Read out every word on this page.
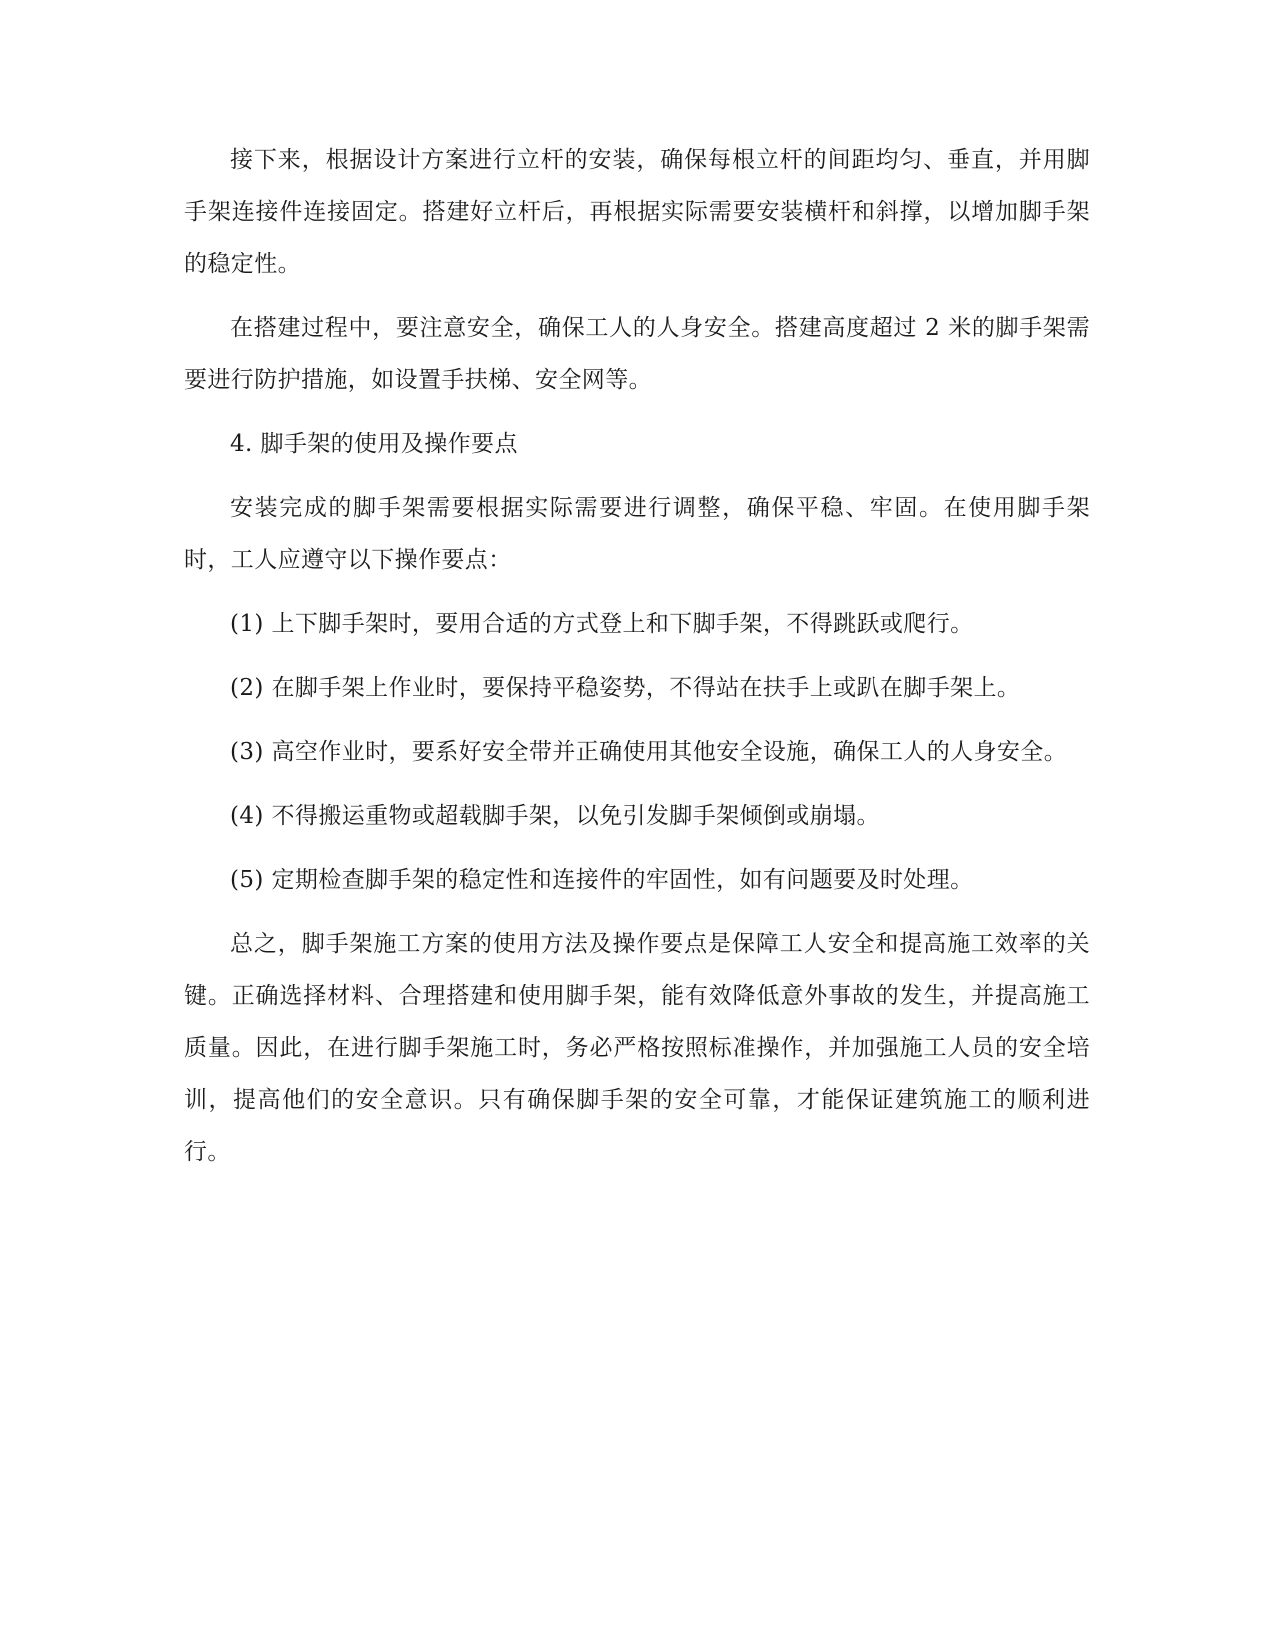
接下来，根据设计方案进行立杆的安装，确保每根立杆的间距均匀、垂直，并用脚手架连接件连接固定。搭建好立杆后，再根据实际需要安装横杆和斜撑，以增加脚手架的稳定性。

在搭建过程中，要注意安全，确保工人的人身安全。搭建高度超过 2 米的脚手架需要进行防护措施，如设置手扶梯、安全网等。

4. 脚手架的使用及操作要点

安装完成的脚手架需要根据实际需要进行调整，确保平稳、牢固。在使用脚手架时，工人应遵守以下操作要点：

(1) 上下脚手架时，要用合适的方式登上和下脚手架，不得跳跃或爬行。

(2) 在脚手架上作业时，要保持平稳姿势，不得站在扶手上或趴在脚手架上。

(3) 高空作业时，要系好安全带并正确使用其他安全设施，确保工人的人身安全。

(4) 不得搬运重物或超载脚手架，以免引发脚手架倾倒或崩塌。

(5) 定期检查脚手架的稳定性和连接件的牢固性，如有问题要及时处理。

总之，脚手架施工方案的使用方法及操作要点是保障工人安全和提高施工效率的关键。正确选择材料、合理搭建和使用脚手架，能有效降低意外事故的发生，并提高施工质量。因此，在进行脚手架施工时，务必严格按照标准操作，并加强施工人员的安全培训，提高他们的安全意识。只有确保脚手架的安全可靠，才能保证建筑施工的顺利进行。
